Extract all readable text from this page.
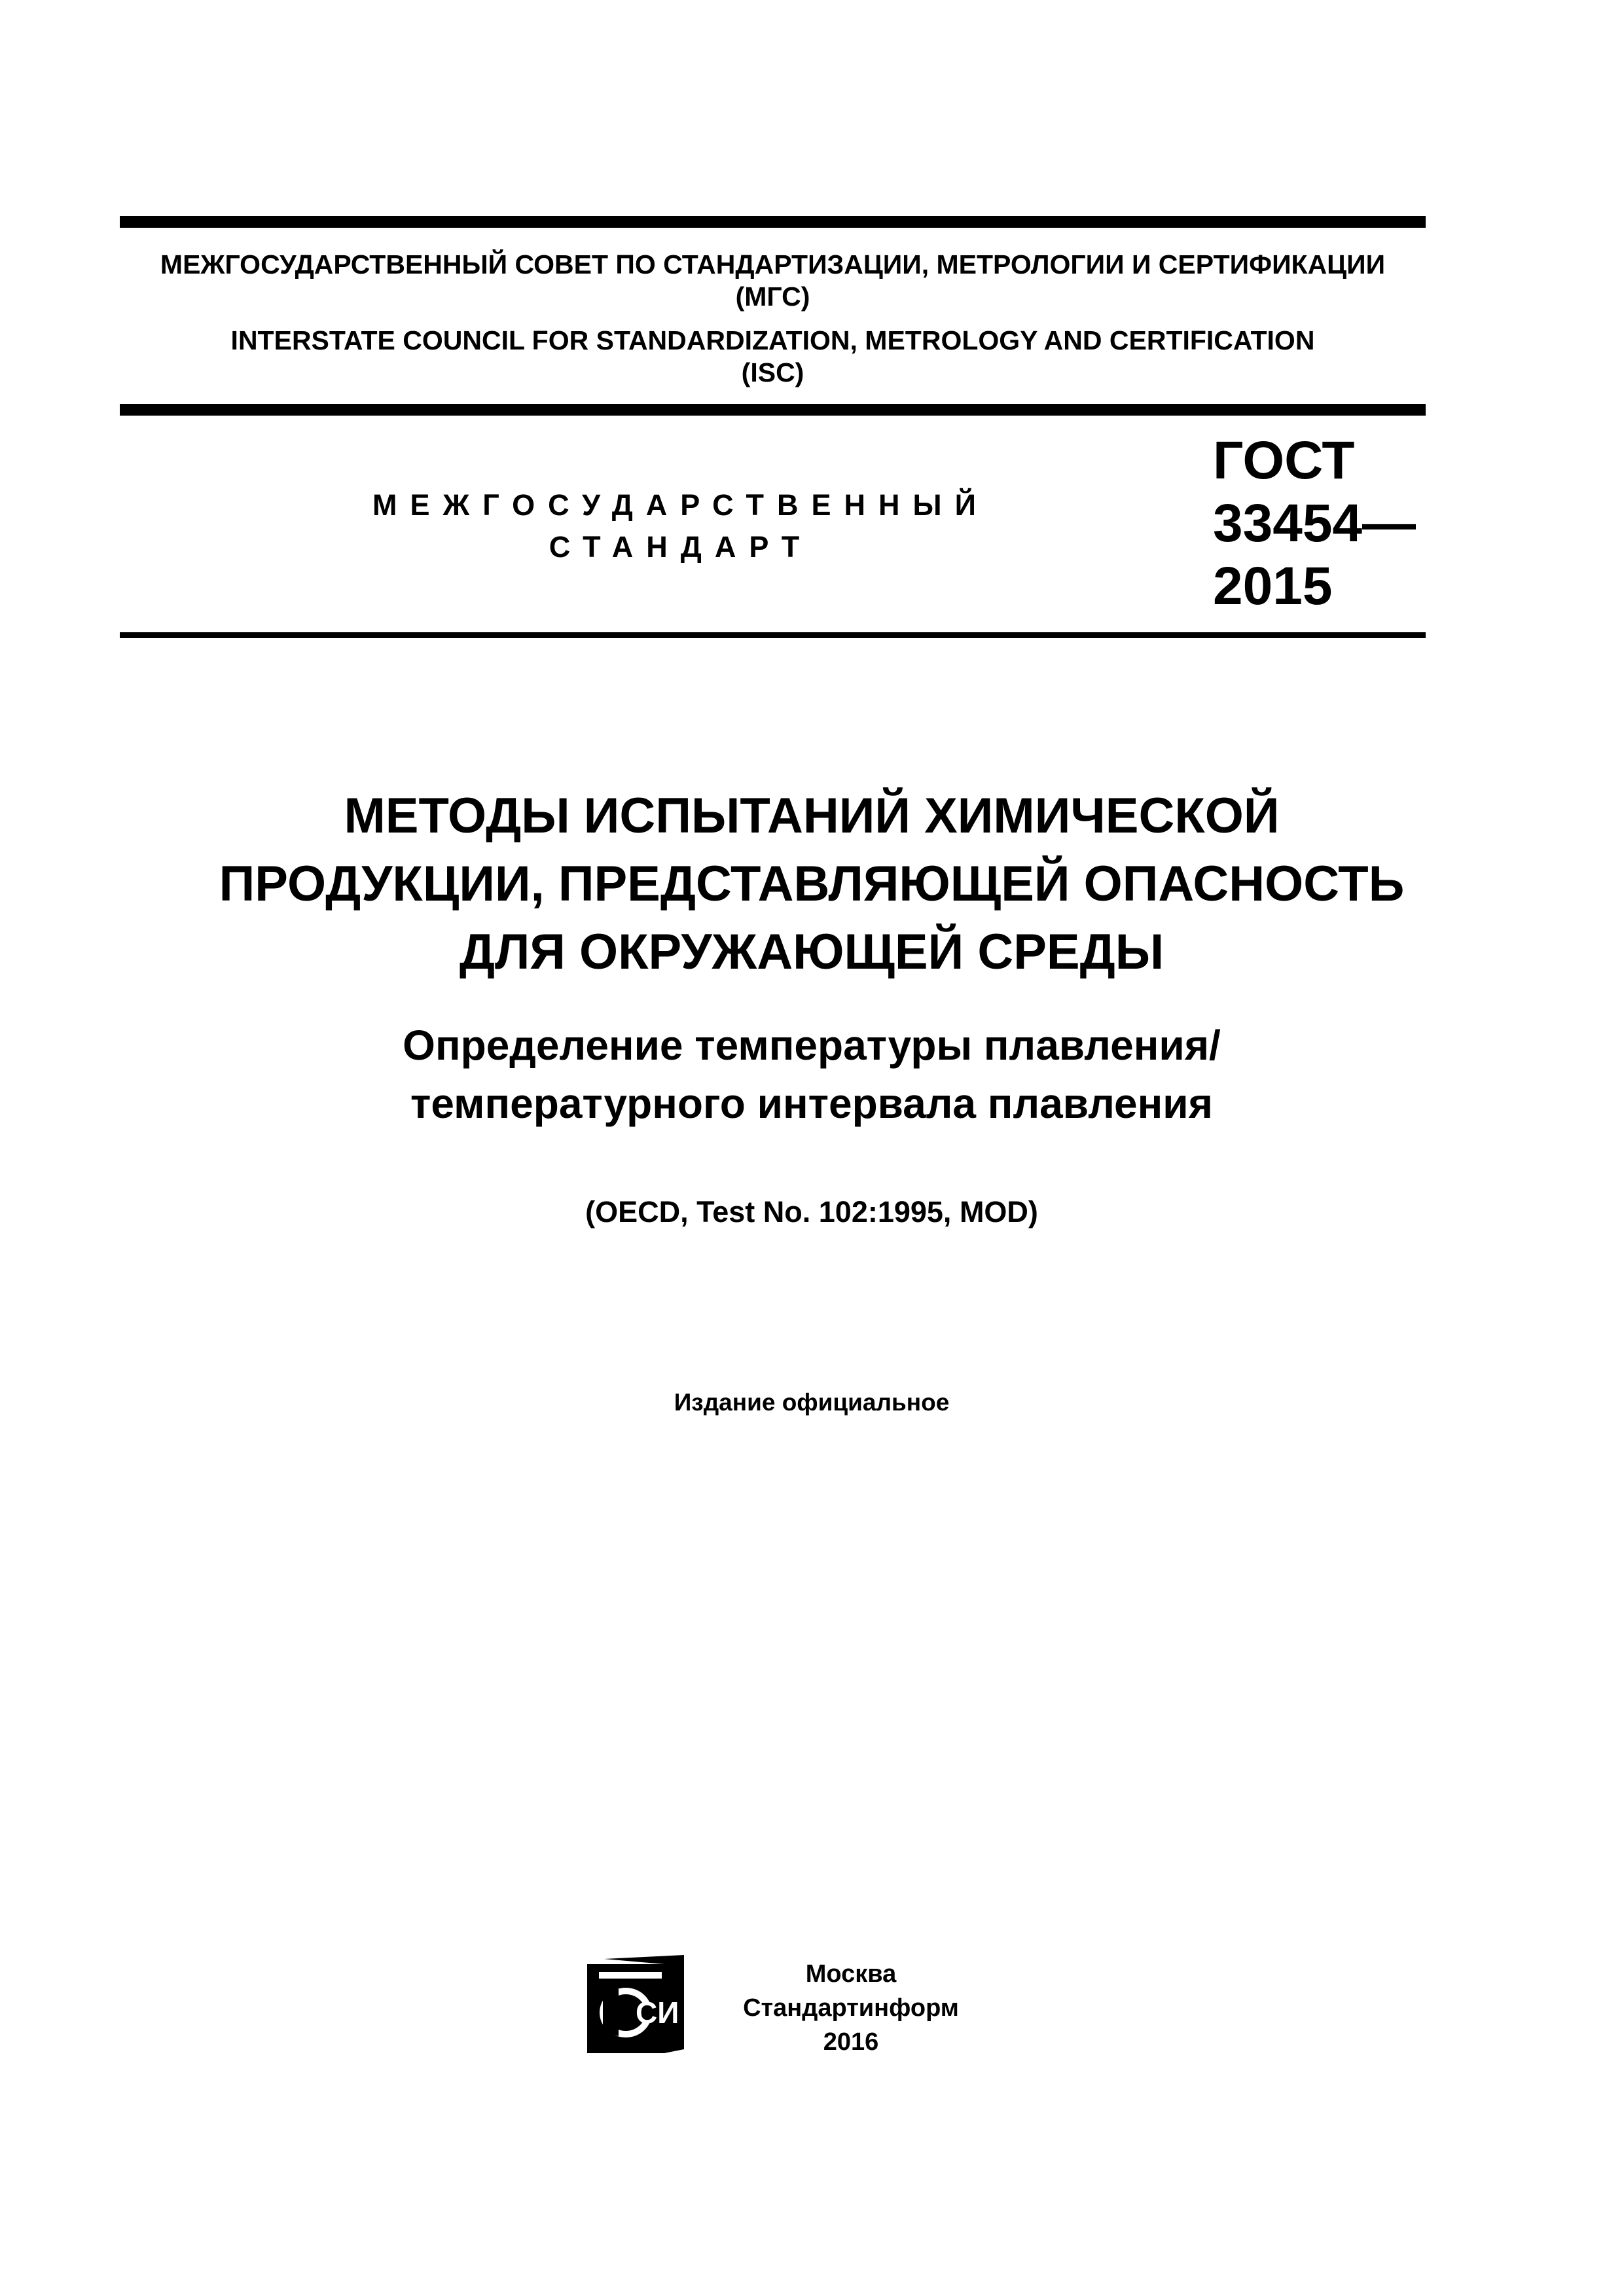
МЕЖГОСУДАРСТВЕННЫЙ СОВЕТ ПО СТАНДАРТИЗАЦИИ, МЕТРОЛОГИИ И СЕРТИФИКАЦИИ
(МГС)
INTERSTATE COUNCIL FOR STANDARDIZATION, METROLOGY AND CERTIFICATION
(ISC)
МЕЖГОСУДАРСТВЕННЫЙ
СТАНДАРТ
ГОСТ
33454—
2015
МЕТОДЫ ИСПЫТАНИЙ ХИМИЧЕСКОЙ
ПРОДУКЦИИ, ПРЕДСТАВЛЯЮЩЕЙ ОПАСНОСТЬ
ДЛЯ ОКРУЖАЮЩЕЙ СРЕДЫ
Определение температуры плавления/
температурного интервала плавления
(OECD, Test No. 102:1995, MOD)
Издание официальное
СИ
Москва
Стандартинформ
2016
